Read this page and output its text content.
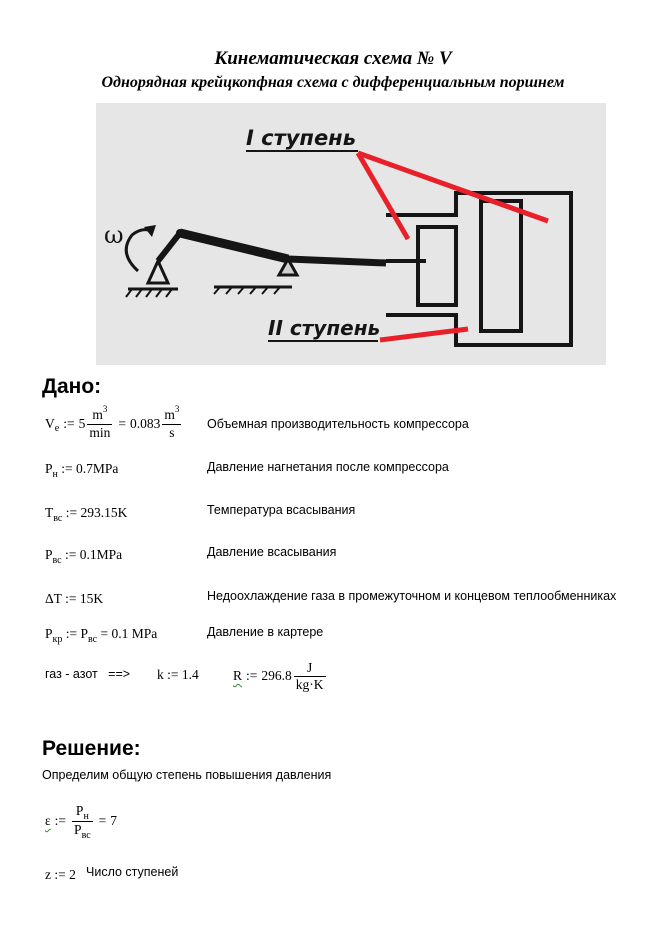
Кинематическая схема № V
Однорядная крейцкопфная схема с дифференциальным поршнем
ω
I ступень
II ступень
Дано:
V e := $5 \frac{m^3}{\min} = 0.083 \frac{m^3}{s}$ Объемная производительность компрессора
$P_н$ := 0.7MPa	Давление нагнетания после компрессора
$T_{вс}$ := 293.15K	Температура всасывания
$P_{вс}$ := 0.1MPa	Давление всасывания
ΔT := 15K	Недоохлаждение газа в промежуточном и концевом теплообменниках
$P_{кр}$ := $P_{вс} = 0.1$ MPa	Давление в картере
газ - азот   ==> k := 1.4	R := $296.8 \frac{J}{kg\cdot K}$
Решение:
Определим общую степень повышения давления
ε := $\frac{P_н}{P_{вс}} = 7$
z := 2 Число ступеней
